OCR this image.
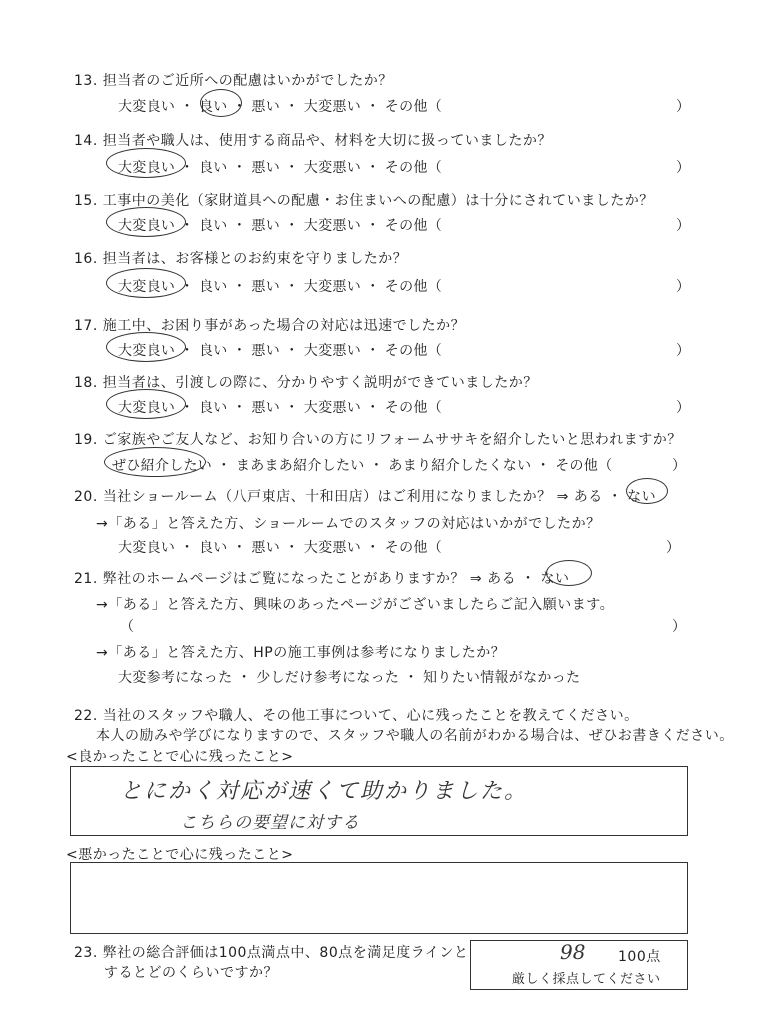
13. 担当者のご近所への配慮はいかがでしたか？
大変良い ・ 良い ・ 悪い ・ 大変悪い ・ その他（	）
14. 担当者や職人は、使用する商品や、材料を大切に扱っていましたか？
大変良い ・ 良い ・ 悪い ・ 大変悪い ・ その他（	）
15. 工事中の美化（家財道具への配慮・お住まいへの配慮）は十分にされていましたか？
大変良い ・ 良い ・ 悪い ・ 大変悪い ・ その他（	）
16. 担当者は、お客様とのお約束を守りましたか？
大変良い ・ 良い ・ 悪い ・ 大変悪い ・ その他（	）
17. 施工中、お困り事があった場合の対応は迅速でしたか？
大変良い ・ 良い ・ 悪い ・ 大変悪い ・ その他（	）
18. 担当者は、引渡しの際に、分かりやすく説明ができていましたか？
大変良い ・ 良い ・ 悪い ・ 大変悪い ・ その他（	）
19. ご家族やご友人など、お知り合いの方にリフォームササキを紹介したいと思われますか？
ぜひ紹介したい ・ まあまあ紹介したい ・ あまり紹介したくない ・ その他（	）
20. 当社ショールーム（八戸東店、十和田店）はご利用になりましたか？ ⇒ ある ・ ない
→「ある」と答えた方、ショールームでのスタッフの対応はいかがでしたか？
大変良い ・ 良い ・ 悪い ・ 大変悪い ・ その他（	）
21. 弊社のホームページはご覧になったことがありますか？ ⇒ ある ・ ない
→「ある」と答えた方、興味のあったページがございましたらご記入願います。
（	）
→「ある」と答えた方、HPの施工事例は参考になりましたか？
大変参考になった ・ 少しだけ参考になった ・ 知りたい情報がなかった
22. 当社のスタッフや職人、その他工事について、心に残ったことを教えてください。
本人の励みや学びになりますので、スタッフや職人の名前がわかる場合は、ぜひお書きください。
<良かったことで心に残ったこと>
とにかく対応が速くて助かりました。
こちらの要望に対する
<悪かったことで心に残ったこと>
23. 弊社の総合評価は100点満点中、80点を満足度ラインと
するとどのくらいですか？
98 100点
厳しく採点してください
